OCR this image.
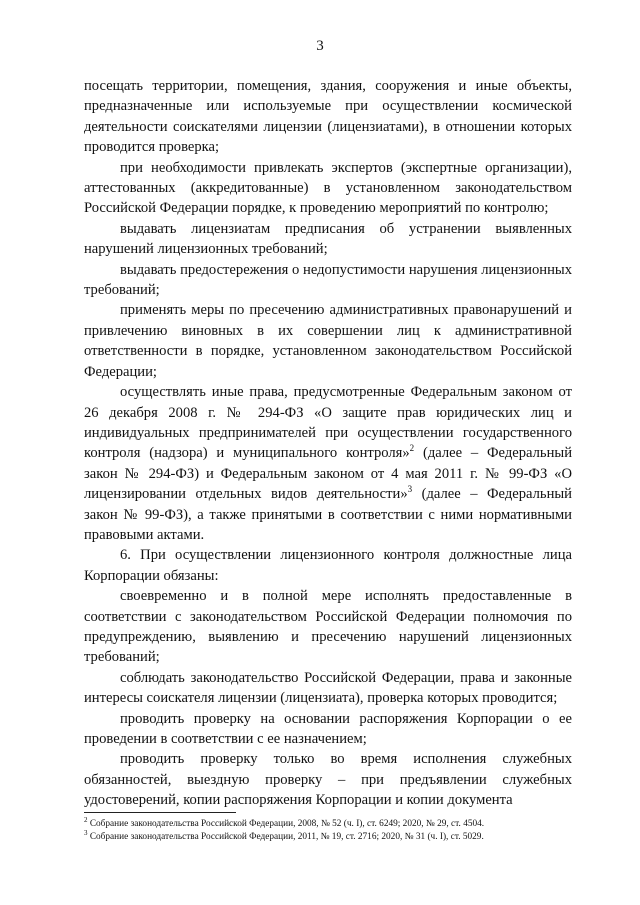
3

посещать территории, помещения, здания, сооружения и иные объекты, предназначенные или используемые при осуществлении космической деятельности соискателями лицензии (лицензиатами), в отношении которых проводится проверка;

при необходимости привлекать экспертов (экспертные организации), аттестованных (аккредитованные) в установленном законодательством Российской Федерации порядке, к проведению мероприятий по контролю;

выдавать лицензиатам предписания об устранении выявленных нарушений лицензионных требований;

выдавать предостережения о недопустимости нарушения лицензионных требований;

применять меры по пресечению административных правонарушений и привлечению виновных в их совершении лиц к административной ответственности в порядке, установленном законодательством Российской Федерации;

осуществлять иные права, предусмотренные Федеральным законом от 26 декабря 2008 г. № 294-ФЗ «О защите прав юридических лиц и индивидуальных предпринимателей при осуществлении государственного контроля (надзора) и муниципального контроля»$^2$ (далее – Федеральный закон № 294-ФЗ) и Федеральным законом от 4 мая 2011 г. № 99-ФЗ «О лицензировании отдельных видов деятельности»$^3$ (далее – Федеральный закон № 99-ФЗ), а также принятыми в соответствии с ними нормативными правовыми актами.

6. При осуществлении лицензионного контроля должностные лица Корпорации обязаны:

своевременно и в полной мере исполнять предоставленные в соответствии с законодательством Российской Федерации полномочия по предупреждению, выявлению и пресечению нарушений лицензионных требований;

соблюдать законодательство Российской Федерации, права и законные интересы соискателя лицензии (лицензиата), проверка которых проводится;

проводить проверку на основании распоряжения Корпорации о ее проведении в соответствии с ее назначением;

проводить проверку только во время исполнения служебных обязанностей, выездную проверку – при предъявлении служебных удостоверений, копии распоряжения Корпорации и копии документа

$^2$ Собрание законодательства Российской Федерации, 2008, № 52 (ч. I), ст. 6249; 2020, № 29, ст. 4504.

$^3$ Собрание законодательства Российской Федерации, 2011, № 19, ст. 2716; 2020, № 31 (ч. I), ст. 5029.
